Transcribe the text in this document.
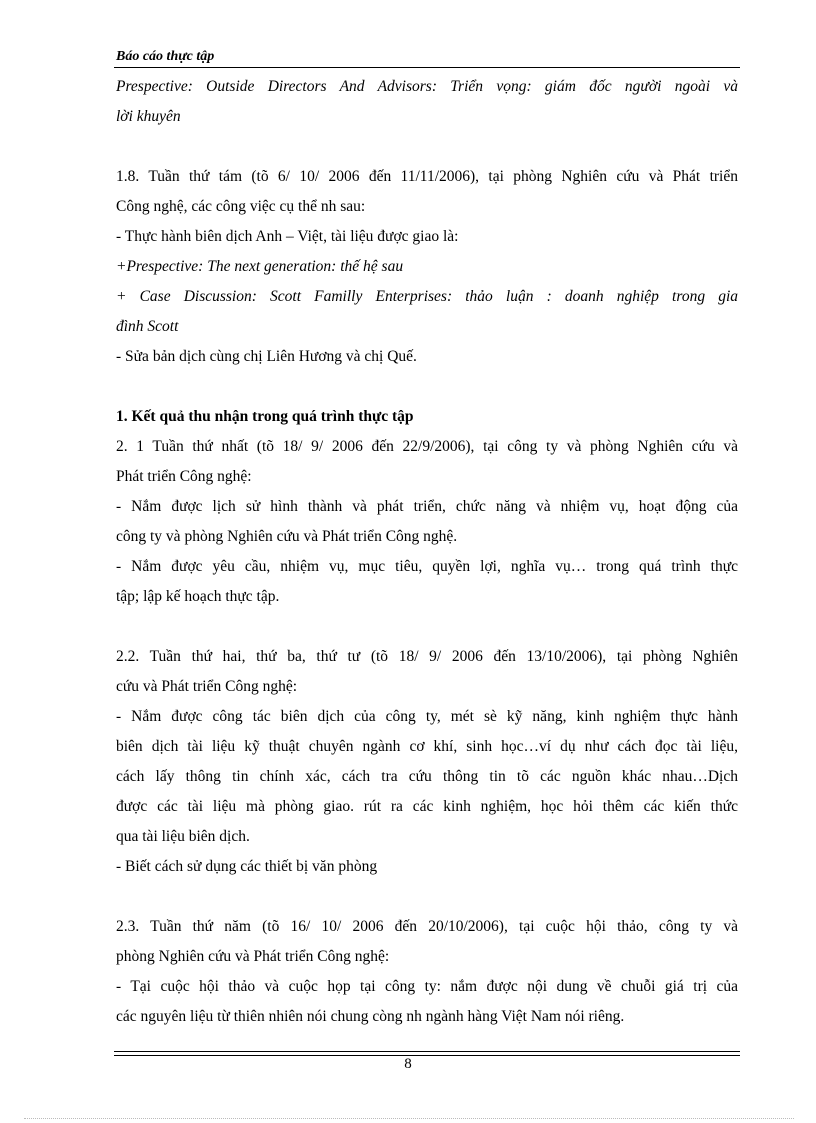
Báo cáo thực tập
Prespective: Outside Directors And Advisors: Triển vọng: giám đốc người ngoài và
lời khuyên
1.8. Tuần thứ tám (tõ 6/ 10/ 2006 đến 11/11/2006), tại phòng Nghiên cứu và Phát triển
Công nghệ, các công việc cụ thể nh sau:
- Thực hành biên dịch Anh – Việt, tài liệu được giao là:
+Prespective: The next generation: thế hệ sau
+ Case Discussion: Scott Familly Enterprises: thảo luận : doanh nghiệp trong gia
đình Scott
- Sửa bản dịch cùng chị Liên Hương và chị Quế.
1. Kết quả thu nhận trong quá trình thực tập
2. 1 Tuần thứ nhất (tõ 18/ 9/ 2006 đến 22/9/2006), tại công ty và phòng Nghiên cứu và
Phát triển Công nghệ:
- Nắm được lịch sử hình thành và phát triển, chức năng và nhiệm vụ, hoạt động của
công ty và phòng Nghiên cứu và Phát triển Công nghệ.
- Nắm được yêu cầu, nhiệm vụ, mục tiêu, quyền lợi, nghĩa vụ… trong quá trình thực
tập; lập kế hoạch thực tập.
2.2. Tuần thứ hai, thứ ba, thứ tư (tõ 18/ 9/ 2006 đến 13/10/2006), tại phòng Nghiên
cứu và Phát triển Công nghệ:
- Nắm được công tác biên dịch của công ty, mét sè kỹ năng, kinh nghiệm thực hành
biên dịch tài liệu kỹ thuật chuyên ngành cơ khí, sinh học…ví dụ như cách đọc tài liệu,
cách lấy thông tin chính xác, cách tra cứu thông tin tõ các nguồn khác nhau…Dịch
được các tài liệu mà phòng giao. rút ra các kinh nghiệm, học hỏi thêm các kiến thức
qua tài liệu biên dịch.
- Biết cách sử dụng các thiết bị văn phòng
2.3. Tuần thứ năm (tõ 16/ 10/ 2006 đến 20/10/2006), tại cuộc hội thảo, công ty và
phòng Nghiên cứu và Phát triển Công nghệ:
- Tại cuộc hội thảo và cuộc họp tại công ty: nắm được nội dung về chuỗi giá trị của
các nguyên liệu từ thiên nhiên nói chung còng nh ngành hàng Việt Nam nói riêng.
8
